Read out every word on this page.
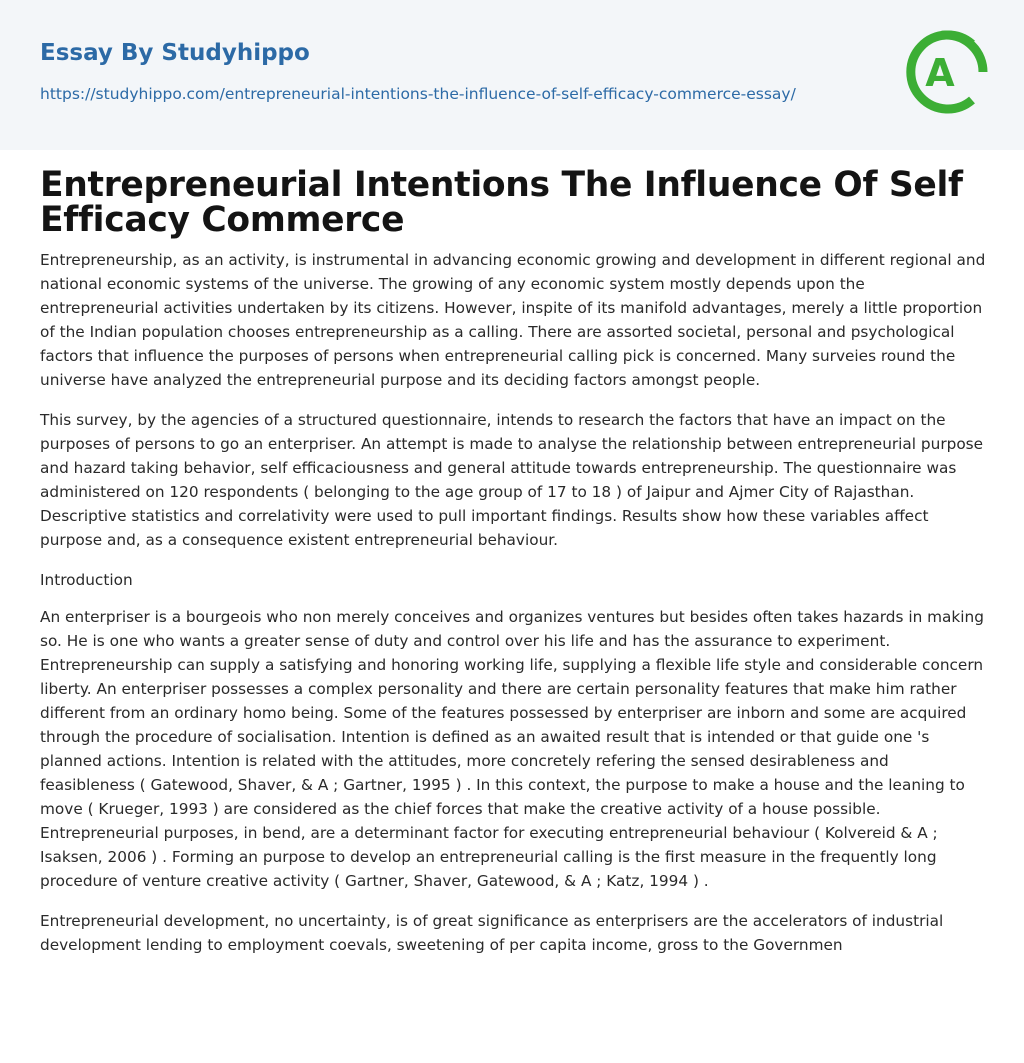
Essay By Studyhippo
https://studyhippo.com/entrepreneurial-intentions-the-influence-of-self-efficacy-commerce-essay/	A
Entrepreneurial Intentions The Influence Of Self Efficacy Commerce

Entrepreneurship, as an activity, is instrumental in advancing economic growing and development in different regional and national economic systems of the universe. The growing of any economic system mostly depends upon the entrepreneurial activities undertaken by its citizens. However, inspite of its manifold advantages, merely a little proportion of the Indian population chooses entrepreneurship as a calling. There are assorted societal, personal and psychological factors that influence the purposes of persons when entrepreneurial calling pick is concerned. Many surveies round the universe have analyzed the entrepreneurial purpose and its deciding factors amongst people.

This survey, by the agencies of a structured questionnaire, intends to research the factors that have an impact on the purposes of persons to go an enterpriser. An attempt is made to analyse the relationship between entrepreneurial purpose and hazard taking behavior, self efficaciousness and general attitude towards entrepreneurship. The questionnaire was administered on 120 respondents ( belonging to the age group of 17 to 18 ) of Jaipur and Ajmer City of Rajasthan. Descriptive statistics and correlativity were used to pull important findings. Results show how these variables affect purpose and, as a consequence existent entrepreneurial behaviour.

Introduction

An enterpriser is a bourgeois who non merely conceives and organizes ventures but besides often takes hazards in making so. He is one who wants a greater sense of duty and control over his life and has the assurance to experiment. Entrepreneurship can supply a satisfying and honoring working life, supplying a flexible life style and considerable concern liberty. An enterpriser possesses a complex personality and there are certain personality features that make him rather different from an ordinary homo being. Some of the features possessed by enterpriser are inborn and some are acquired through the procedure of socialisation. Intention is defined as an awaited result that is intended or that guide one 's planned actions. Intention is related with the attitudes, more concretely refering the sensed desirableness and feasibleness ( Gatewood, Shaver, & A ; Gartner, 1995 ) . In this context, the purpose to make a house and the leaning to move ( Krueger, 1993 ) are considered as the chief forces that make the creative activity of a house possible. Entrepreneurial purposes, in bend, are a determinant factor for executing entrepreneurial behaviour ( Kolvereid & A ; Isaksen, 2006 ) . Forming an purpose to develop an entrepreneurial calling is the first measure in the frequently long procedure of venture creative activity ( Gartner, Shaver, Gatewood, & A ; Katz, 1994 ) .

Entrepreneurial development, no uncertainty, is of great significance as enterprisers are the accelerators of industrial development lending to employment coevals, sweetening of per capita income, gross to the Governmen
